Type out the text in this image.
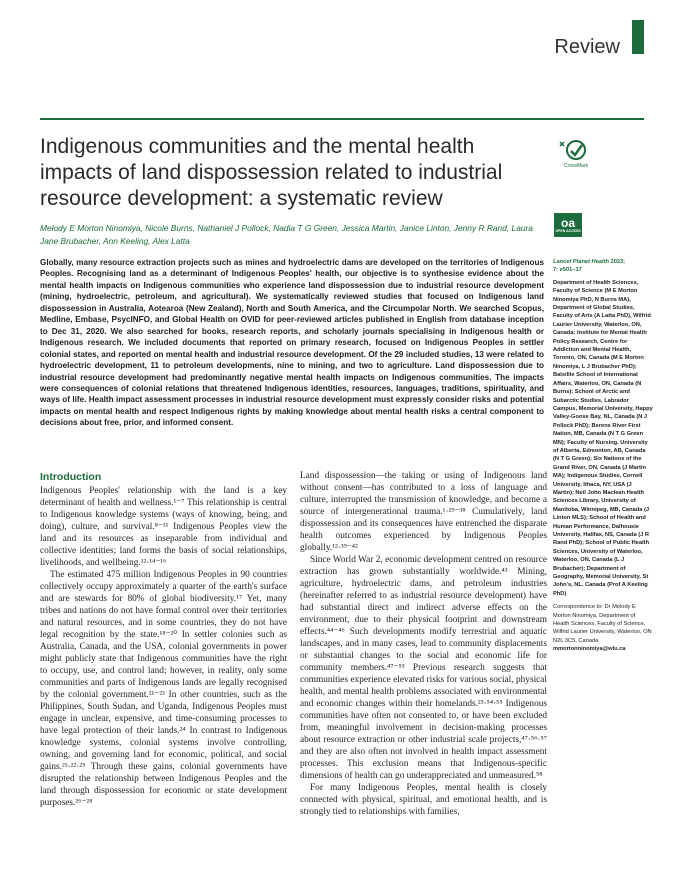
Review
Indigenous communities and the mental health impacts of land dispossession related to industrial resource development: a systematic review
CrossMark
Melody E Morton Ninomiya, Nicole Burns, Nathaniel J Pollock, Nadia T G Green, Jessica Martin, Janice Linton, Jenny R Rand, Laura Jane Brubacher, Ann Keeling, Alex Latta
oa
OPEN ACCESS
Globally, many resource extraction projects such as mines and hydroelectric dams are developed on the territories of Indigenous Peoples. Recognising land as a determinant of Indigenous Peoples' health, our objective is to synthesise evidence about the mental health impacts on Indigenous communities who experience land dispossession due to industrial resource development (mining, hydroelectric, petroleum, and agricultural). We systematically reviewed studies that focused on Indigenous land dispossession in Australia, Aotearoa (New Zealand), North and South America, and the Circumpolar North. We searched Scopus, Medline, Embase, PsycINFO, and Global Health on OVID for peer-reviewed articles published in English from database inception to Dec 31, 2020. We also searched for books, research reports, and scholarly journals specialising in Indigenous health or Indigenous research. We included documents that reported on primary research, focused on Indigenous Peoples in settler colonial states, and reported on mental health and industrial resource development. Of the 29 included studies, 13 were related to hydroelectric development, 11 to petroleum developments, nine to mining, and two to agriculture. Land dispossession due to industrial resource development had predominantly negative mental health impacts on Indigenous communities. The impacts were consequences of colonial relations that threatened Indigenous identities, resources, languages, traditions, spirituality, and ways of life. Health impact assessment processes in industrial resource development must expressly consider risks and potential impacts on mental health and respect Indigenous rights by making knowledge about mental health risks a central component to decisions about free, prior, and informed consent.
Lancet Planet Health 2023;
7: e501–17
Department of Health Sciences, Faculty of Science (M E Morton Ninomiya PhD, N Burns MA), Department of Global Studies, Faculty of Arts (A Latta PhD), Wilfrid Laurier University, Waterloo, ON, Canada; Institute for Mental Health Policy Research, Centre for Addiction and Mental Health, Toronto, ON, Canada (M E Morton Ninomiya, L J Brubacher PhD); Balsillie School of International Affairs, Waterloo, ON, Canada (N Burns); School of Arctic and Subarctic Studies, Labrador Campus, Memorial University, Happy Valley-Goose Bay, NL, Canada (N J Pollock PhD); Berens River First Nation, MB, Canada (N T G Green MN); Faculty of Nursing, University of Alberta, Edmonton, AB, Canada (N T G Green); Six Nations of the Grand River, ON, Canada (J Martin MA); Indigenous Studies, Cornell University, Ithaca, NY, USA (J Martin); Neil John Maclean Health Sciences Library, University of Manitoba, Winnipeg, MB, Canada (J Linton MLS); School of Health and Human Performance, Dalhousie University, Halifax, NS, Canada (J R Rand PhD); School of Public Health Sciences, University of Waterloo, Waterloo, ON, Canada (L J Brubacher); Department of Geography, Memorial University, St John's, NL, Canada (Prof A Keeling PhD)
Correspondence to: Dr Melody E Morton Ninomiya, Department of Health Sciences, Faculty of Science, Wilfrid Laurier University, Waterloo, ON N2L 3C5, Canada
mmortonninomiya@wlu.ca
Introduction

Indigenous Peoples' relationship with the land is a key determinant of health and wellness.¹⁻⁷ This relationship is central to Indigenous knowledge systems (ways of knowing, being, and doing), culture, and survival.⁸⁻¹¹ Indigenous Peoples view the land and its resources as inseparable from individual and collective identities; land forms the basis of social relationships, livelihoods, and wellbeing.¹²·¹⁴⁻¹⁶

The estimated 475 million Indigenous Peoples in 90 countries collectively occupy approximately a quarter of the earth's surface and are stewards for 80% of global biodiversity.¹⁷ Yet, many tribes and nations do not have formal control over their territories and natural resources, and in some countries, they do not have legal recognition by the state.¹⁸⁻²⁰ In settler colonies such as Australia, Canada, and the USA, colonial governments in power might publicly state that Indigenous communities have the right to occupy, use, and control land; however, in reality, only some communities and parts of Indigenous lands are legally recognised by the colonial government.²¹⁻²³ In other countries, such as the Philippines, South Sudan, and Uganda, Indigenous Peoples must engage in unclear, expensive, and time-consuming processes to have legal protection of their lands.²⁴ In contrast to Indigenous knowledge systems, colonial systems involve controlling, owning, and governing land for economic, political, and social gains.²¹·²²·²⁵ Through these gains, colonial governments have disrupted the relationship between Indigenous Peoples and the land through dispossession for economic or state development purposes.²⁶⁻²⁸

Land dispossession—the taking or using of Indigenous land without consent—has contributed to a loss of language and culture, interrupted the transmission of knowledge, and become a source of intergenerational trauma.¹·²⁹⁻³⁸ Cumulatively, land dispossession and its consequences have entrenched the disparate health outcomes experienced by Indigenous Peoples globally.¹²·³⁹⁻⁴²

Since World War 2, economic development centred on resource extraction has grown substantially worldwide.⁴³ Mining, agriculture, hydroelectric dams, and petroleum industries (hereinafter referred to as industrial resource development) have had substantial direct and indirect adverse effects on the environment, due to their physical footprint and downstream effects.⁴⁴⁻⁴⁶ Such developments modify terrestrial and aquatic landscapes, and in many cases, lead to community displacements or substantial changes to the social and economic life for community members.⁴⁷⁻⁵³ Previous research suggests that communities experience elevated risks for various social, physical health, and mental health problems associated with environmental and economic changes within their homelands.²³·⁵⁴·⁵⁵ Indigenous communities have often not consented to, or have been excluded from, meaningful involvement in decision-making processes about resource extraction or other industrial scale projects,⁴⁷·⁵⁶·⁵⁷ and they are also often not involved in health impact assessment processes. This exclusion means that Indigenous-specific dimensions of health can go underappreciated and unmeasured.⁵⁸

For many Indigenous Peoples, mental health is closely connected with physical, spiritual, and emotional health, and is strongly tied to relationships with families,
